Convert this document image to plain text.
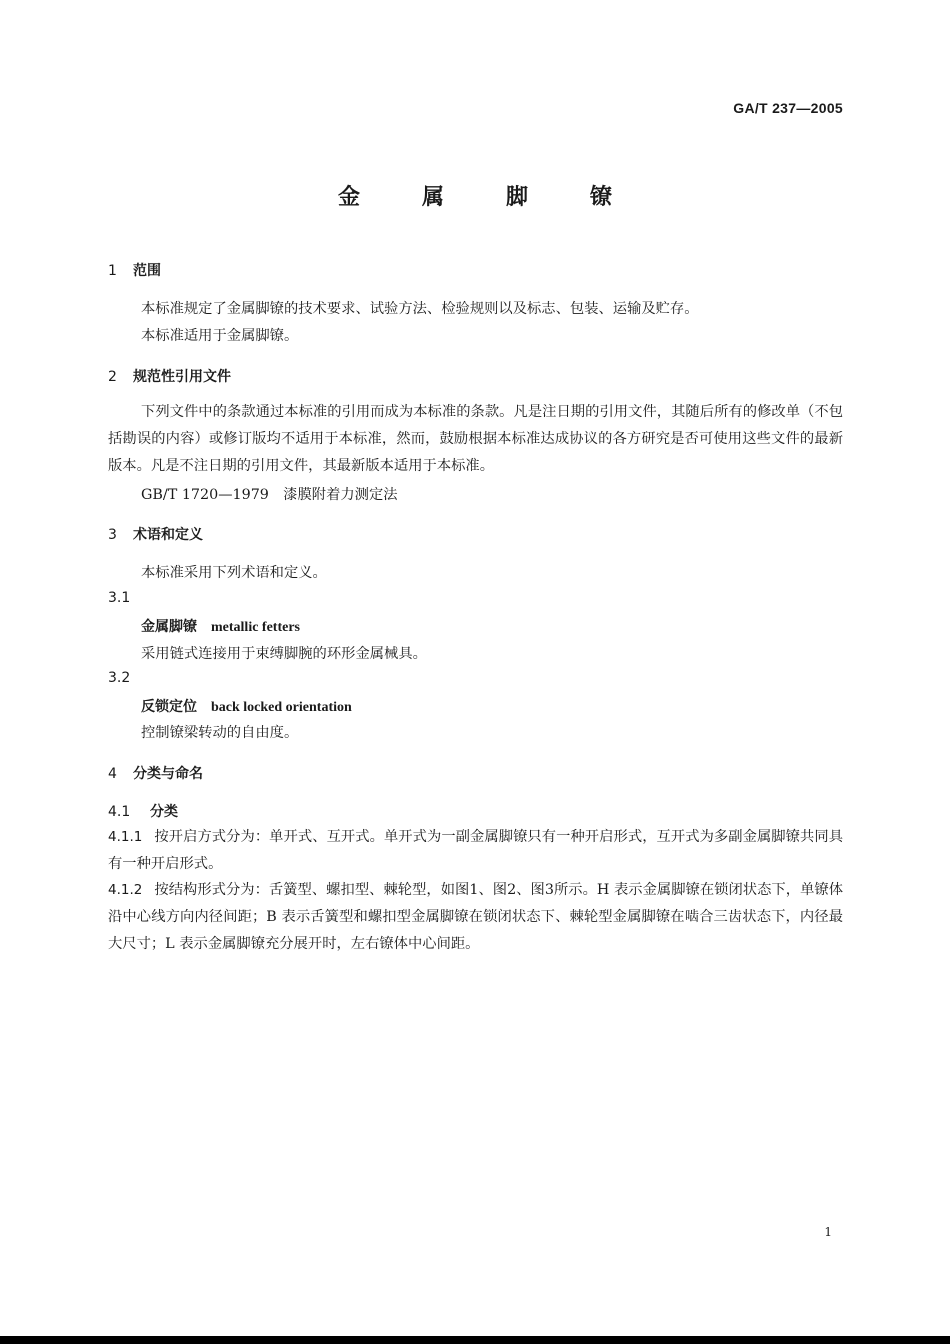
GA/T 237—2005
金	属	脚	镣
1 范围
本标准规定了金属脚镣的技术要求、试验方法、检验规则以及标志、包装、运输及贮存。
本标准适用于金属脚镣。
2 规范性引用文件
下列文件中的条款通过本标准的引用而成为本标准的条款。凡是注日期的引用文件，其随后所有的修改单（不包括勘误的内容）或修订版均不适用于本标准，然而，鼓励根据本标准达成协议的各方研究是否可使用这些文件的最新版本。凡是不注日期的引用文件，其最新版本适用于本标准。
GB/T 1720—1979　漆膜附着力测定法
3 术语和定义
本标准采用下列术语和定义。
3.1
金属脚镣 metallic fetters
采用链式连接用于束缚脚腕的环形金属械具。
3.2
反锁定位 back locked orientation
控制镣梁转动的自由度。
4 分类与命名
4.1 分类
4.1.1 按开启方式分为：单开式、互开式。单开式为一副金属脚镣只有一种开启形式，互开式为多副金属脚镣共同具有一种开启形式。
4.1.2 按结构形式分为：舌簧型、螺扣型、棘轮型，如图1、图2、图3所示。H 表示金属脚镣在锁闭状态下，单镣体沿中心线方向内径间距；B 表示舌簧型和螺扣型金属脚镣在锁闭状态下、棘轮型金属脚镣在啮合三齿状态下，内径最大尺寸；L 表示金属脚镣充分展开时，左右镣体中心间距。
1
